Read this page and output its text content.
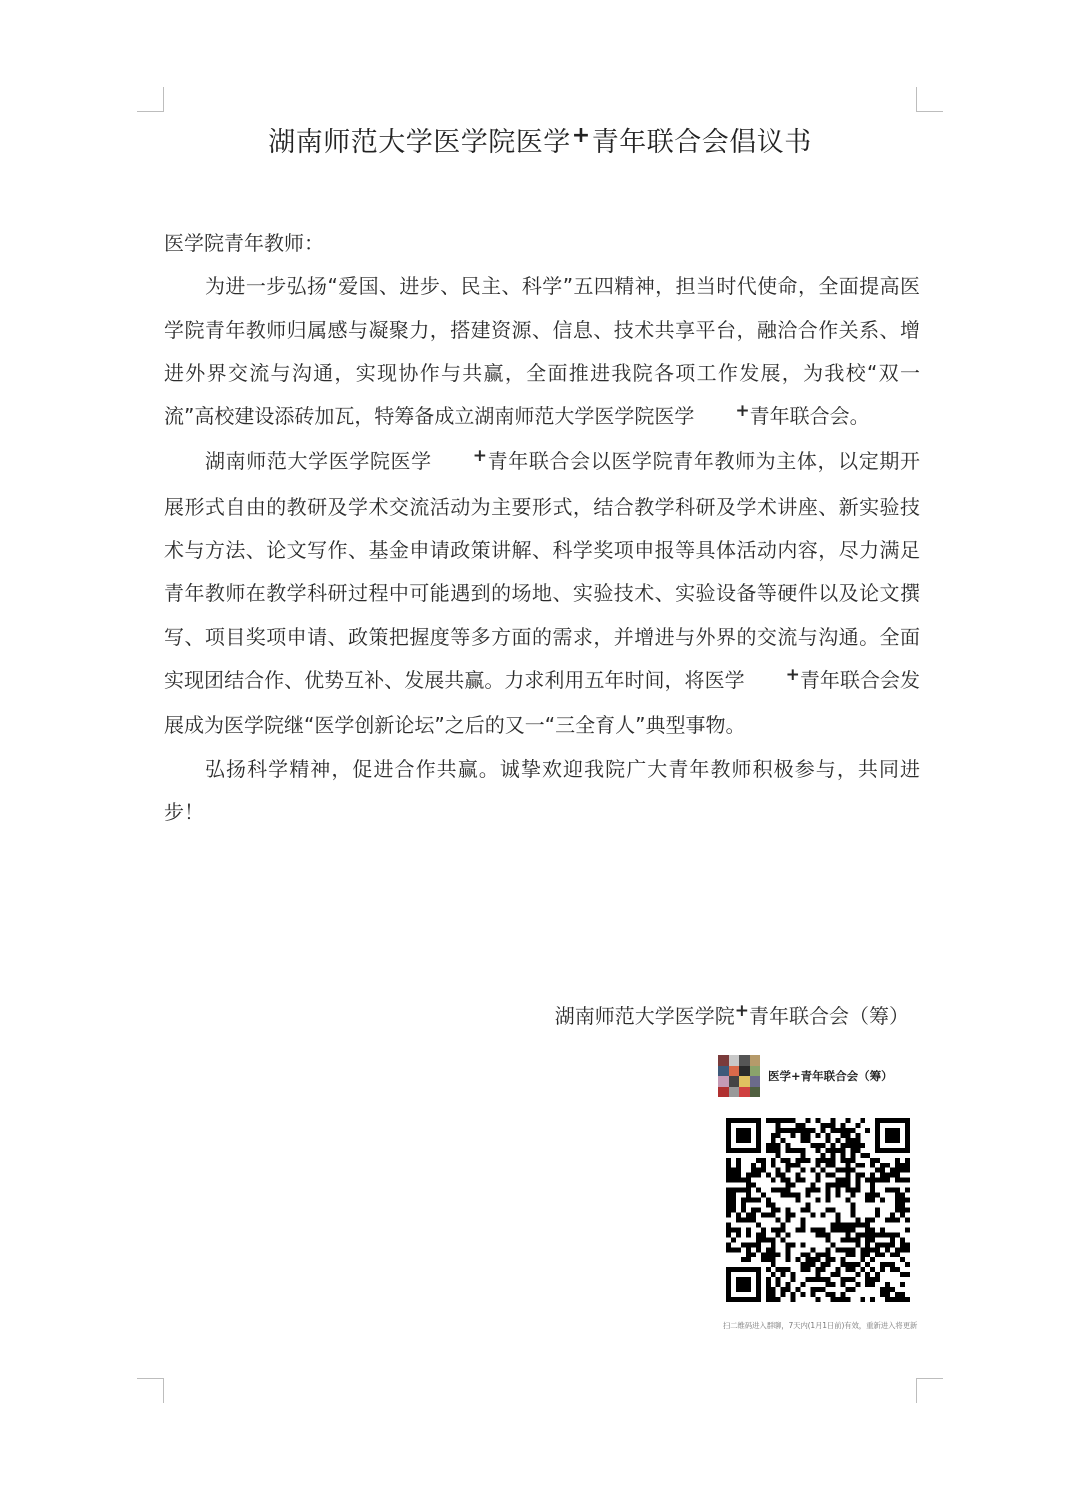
湖南师范大学医学院医学+青年联合会倡议书

医学院青年教师：

为进一步弘扬“爱国、进步、民主、科学”五四精神，担当时代使命，全面提高医学院青年教师归属感与凝聚力，搭建资源、信息、技术共享平台，融洽合作关系、增进外界交流与沟通，实现协作与共赢，全面推进我院各项工作发展，为我校“双一流”高校建设添砖加瓦，特筹备成立湖南师范大学医学院医学 +青年联合会。

湖南师范大学医学院医学 +青年联合会以医学院青年教师为主体，以定期开展形式自由的教研及学术交流活动为主要形式，结合教学科研及学术讲座、新实验技术与方法、论文写作、基金申请政策讲解、科学奖项申报等具体活动内容，尽力满足青年教师在教学科研过程中可能遇到的场地、实验技术、实验设备等硬件以及论文撰写、项目奖项申请、政策把握度等多方面的需求，并增进与外界的交流与沟通。全面实现团结合作、优势互补、发展共赢。力求利用五年时间，将医学 +青年联合会发展成为医学院继“医学创新论坛”之后的又一“三全育人”典型事物。

弘扬科学精神，促进合作共赢。诚挚欢迎我院广大青年教师积极参与，共同进步！

湖南师范大学医学院+青年联合会（筹）
医学+青年联合会（筹）
扫二维码进入群聊，7天内(1月1日前)有效，重新进入将更新
